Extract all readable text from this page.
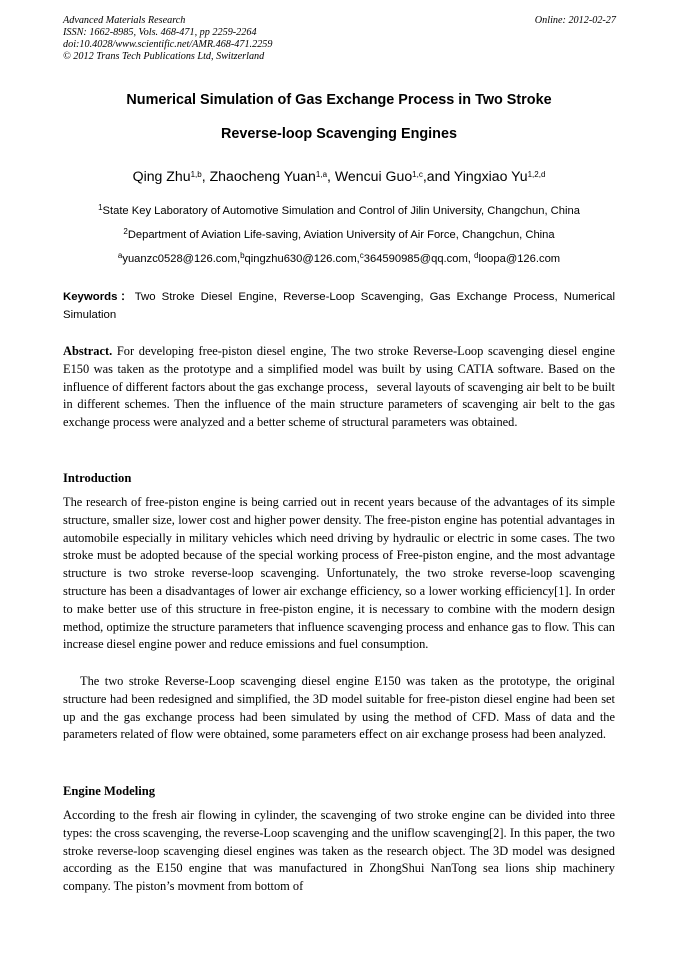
Advanced Materials Research
ISSN: 1662-8985, Vols. 468-471, pp 2259-2264
doi:10.4028/www.scientific.net/AMR.468-471.2259
© 2012 Trans Tech Publications Ltd, Switzerland
Online: 2012-02-27
Numerical Simulation of Gas Exchange Process in Two Stroke
Reverse-loop Scavenging Engines
Qing Zhu$^{1,b}$, Zhaocheng Yuan$^{1,a}$, Wencui Guo$^{1,c}$,and Yingxiao Yu$^{1,2,d}$
$^1$State Key Laboratory of Automotive Simulation and Control of Jilin University, Changchun, China
$^2$Department of Aviation Life-saving, Aviation University of Air Force, Changchun, China
$^a$yuanzc0528@126.com,$^b$qingzhu630@126.com,$^c$364590985@qq.com, $^d$loopa@126.com
Keywords：Two Stroke Diesel Engine, Reverse-Loop Scavenging, Gas Exchange Process, Numerical Simulation
Abstract. For developing free-piston diesel engine, The two stroke Reverse-Loop scavenging diesel engine E150 was taken as the prototype and a simplified model was built by using CATIA software. Based on the influence of different factors about the gas exchange process，several layouts of scavenging air belt to be built in different schemes. Then the influence of the main structure parameters of scavenging air belt to the gas exchange process were analyzed and a better scheme of structural parameters was obtained.
Introduction
The research of free-piston engine is being carried out in recent years because of the advantages of its simple structure, smaller size, lower cost and higher power density. The free-piston engine has potential advantages in automobile especially in military vehicles which need driving by hydraulic or electric in some cases. The two stroke must be adopted because of the special working process of Free-piston engine, and the most advantage structure is two stroke reverse-loop scavenging. Unfortunately, the two stroke reverse-loop scavenging structure has been a disadvantages of lower air exchange efficiency, so a lower working efficiency[1]. In order to make better use of this structure in free-piston engine, it is necessary to combine with the modern design method, optimize the structure parameters that influence scavenging process and enhance gas to flow. This can increase diesel engine power and reduce emissions and fuel consumption.
The two stroke Reverse-Loop scavenging diesel engine E150 was taken as the prototype, the original structure had been redesigned and simplified, the 3D model suitable for free-piston diesel engine had been set up and the gas exchange process had been simulated by using the method of CFD. Mass of data and the parameters related of flow were obtained, some parameters effect on air exchange prosess had been analyzed.
Engine Modeling
According to the fresh air flowing in cylinder, the scavenging of two stroke engine can be divided into three types: the cross scavenging, the reverse-Loop scavenging and the uniflow scavenging[2]. In this paper, the two stroke reverse-loop scavenging diesel engines was taken as the research object. The 3D model was designed according as the E150 engine that was manufactured in ZhongShui NanTong sea lions ship machinery company. The piston’s movment from bottom of
